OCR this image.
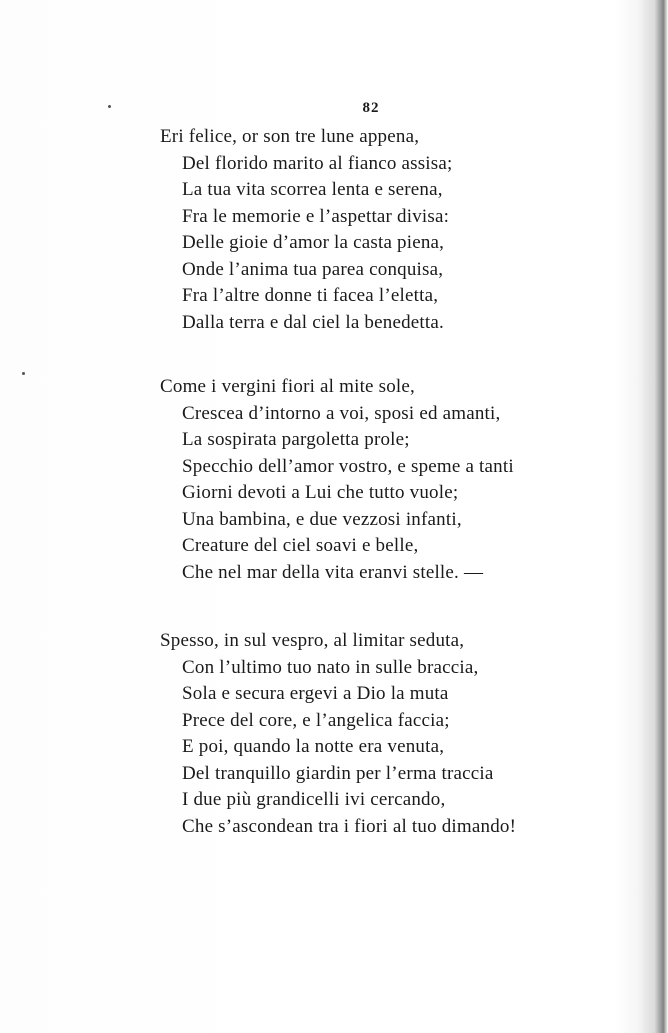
82
Eri felice, or son tre lune appena,
Del florido marito al fianco assisa;
La tua vita scorrea lenta e serena,
Fra le memorie e l’aspettar divisa:
Delle gioie d’amor la casta piena,
Onde l’anima tua parea conquisa,
Fra l’altre donne ti facea l’eletta,
Dalla terra e dal ciel la benedetta.
Come i vergini fiori al mite sole,
Crescea d’intorno a voi, sposi ed amanti,
La sospirata pargoletta prole;
Specchio dell’amor vostro, e speme a tanti
Giorni devoti a Lui che tutto vuole;
Una bambina, e due vezzosi infanti,
Creature del ciel soavi e belle,
Che nel mar della vita eranvi stelle. —
Spesso, in sul vespro, al limitar seduta,
Con l’ultimo tuo nato in sulle braccia,
Sola e secura ergevi a Dio la muta
Prece del core, e l’angelica faccia;
E poi, quando la notte era venuta,
Del tranquillo giardin per l’erma traccia
I due più grandicelli ivi cercando,
Che s’ascondean tra i fiori al tuo dimando!
